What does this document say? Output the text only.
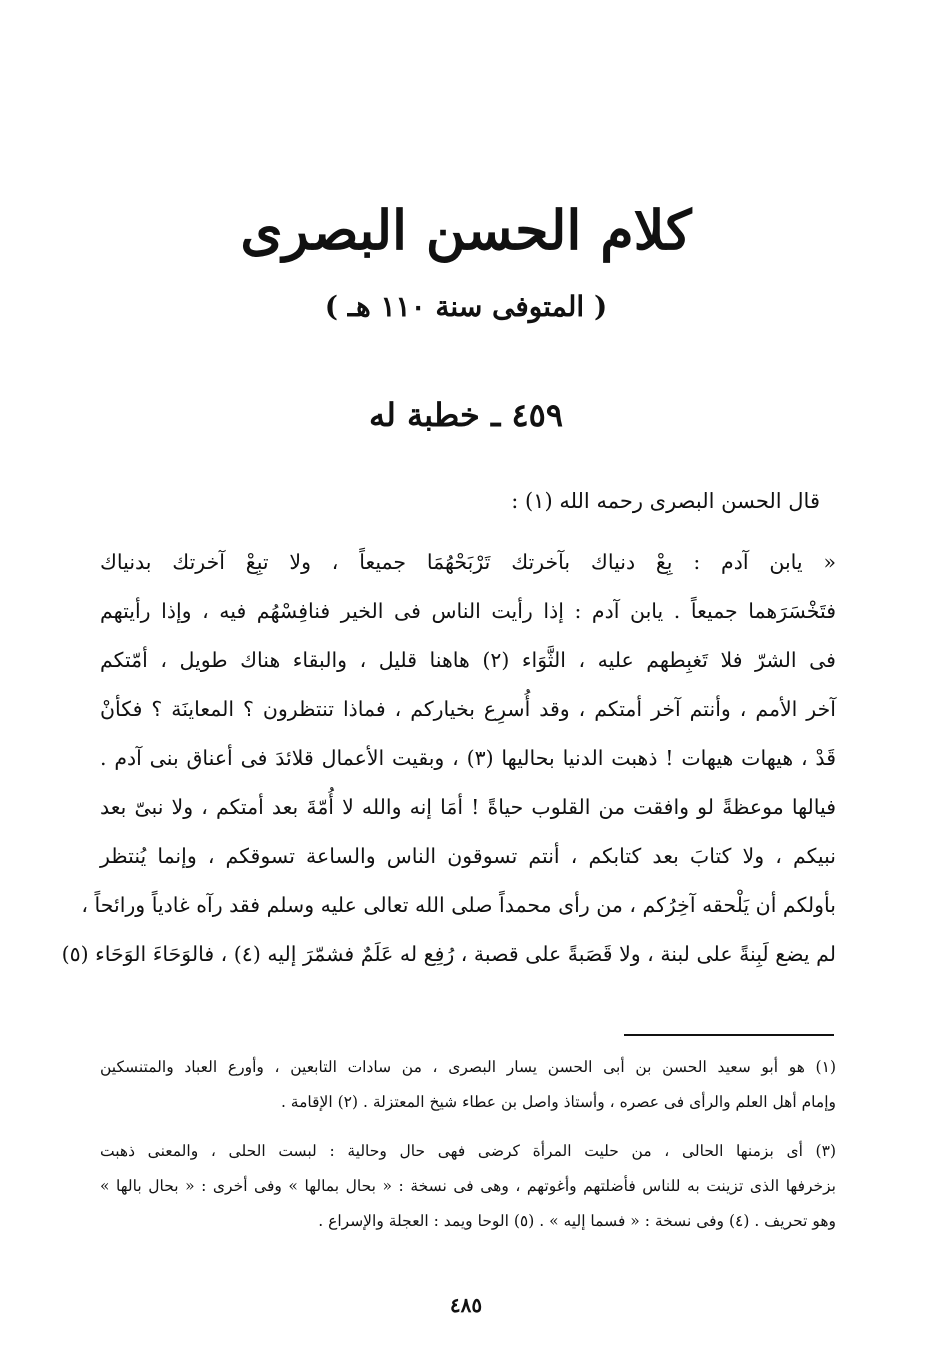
كلام الحسن البصرى
( المتوفى سنة ١١٠ هـ )
٤٥٩ ـ خطبة له

قال الحسن البصرى رحمه الله (١) :

« يابن آدم : بِعْ دنياك بآخرتك تَرْبَحْهُمَا جميعاً ، ولا تبِعْ آخرتك بدنياك
فتَخْسَرَهما جميعاً . يابن آدم : إذا رأيت الناس فى الخير فنافِسْهُم فيه ، وإذا رأيتهم
فى الشرّ فلا تَغبِطهم عليه ، الثَّوَاء (٢) هاهنا قليل ، والبقاء هناك طويل ، أمّتكم
آخر الأمم ، وأنتم آخر أمتكم ، وقد أُسرِع بخياركم ، فماذا تنتظرون ؟ المعاينَة ؟ فكأنْ
قَدْ ، هيهات هيهات ! ذهبت الدنيا بحاليها (٣) ، وبقيت الأعمال قلائدَ فى أعناق بنى آدم .
فيالها موعظةً لو وافقت من القلوب حياةً ! أمَا إنه والله لا أُمّةَ بعد أمتكم ، ولا نبىّ بعد
نبيكم ، ولا كتابَ بعد كتابكم ، أنتم تسوقون الناس والساعة تسوقكم ، وإنما يُنتظر
بأولكم أن يَلْحقه آخِرُكم ، من رأى محمداً صلى الله تعالى عليه وسلم فقد رآه غادياً ورائحاً ،
لم يضع لَبِنةً على لبنة ، ولا قَصَبةً على قصبة ، رُفِع له عَلَمٌ فشمّرَ إليه (٤) ، فالوَحَاءَ الوَحَاء (٥)
(١) هو أبو سعيد الحسن بن أبى الحسن يسار البصرى ، من سادات التابعين ، وأورع العباد والمتنسكين
وإمام أهل العلم والرأى فى عصره ، وأستاذ واصل بن عطاء شيخ المعتزلة . (٢) الإقامة .
(٣) أى بزمنها الحالى ، من حليت المرأة كرضى فهى حال وحالية : لبست الحلى ، والمعنى ذهبت
بزخرفها الذى تزينت به للناس فأضلتهم وأغوتهم ، وهى فى نسخة : « بحال بمالها » وفى أخرى : « بحال بالها »
وهو تحريف . (٤) وفى نسخة : « فسما إليه » . (٥) الوحا ويمد : العجلة والإسراع .
٤٨٥
